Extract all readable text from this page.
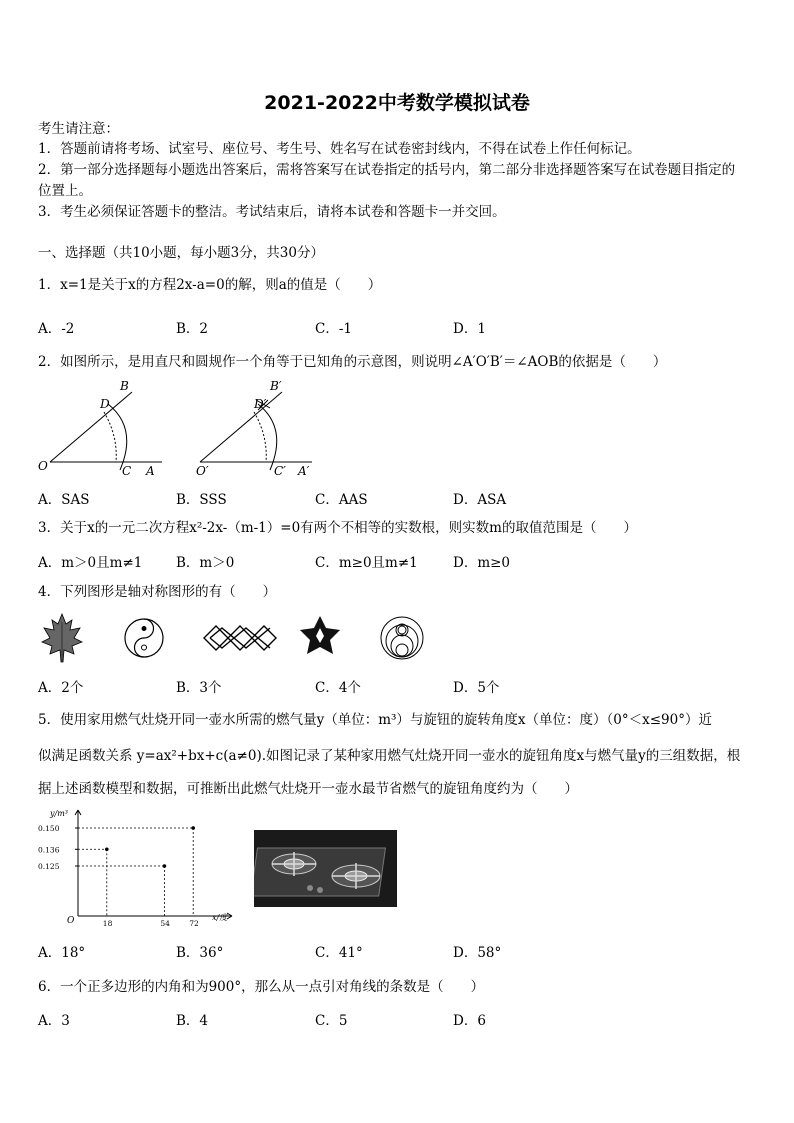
2021-2022中考数学模拟试卷
考生请注意：
1．答题前请将考场、试室号、座位号、考生号、姓名写在试卷密封线内，不得在试卷上作任何标记。
2．第一部分选择题每小题选出答案后，需将答案写在试卷指定的括号内，第二部分非选择题答案写在试卷题目指定的
位置上。
3．考生必须保证答题卡的整洁。考试结束后，请将本试卷和答题卡一并交回。
一、选择题（共10小题，每小题3分，共30分）
1．x=1是关于x的方程2x-a=0的解，则a的值是（　　）
A．-2	B．2	C．-1	D．1
2．如图所示，是用直尺和圆规作一个角等于已知角的示意图，则说明∠A′O′B′＝∠AOB的依据是（　　）
B
D
O	C A
B′
D′
O′	C′ A′
A．SAS	B．SSS	C．AAS	D．ASA
3．关于x的一元二次方程x²-2x-（m-1）=0有两个不相等的实数根，则实数m的取值范围是（　　）
A．m＞0且m≠1 B．m＞0	C．m≥0且m≠1	D．m≥0
4．下列图形是轴对称图形的有（　　）
A．2个	B．3个	C．4个	D．5个
5．使用家用燃气灶烧开同一壶水所需的燃气量y（单位：m³）与旋钮的旋转角度x（单位：度）（0°＜x≤90°）近
似满足函数关系 y=ax²+bx+c(a≠0).如图记录了某种家用燃气灶烧开同一壶水的旋钮角度x与燃气量y的三组数据，根
据上述函数模型和数据，可推断出此燃气灶烧开一壶水最节省燃气的旋钮角度约为（　　）
y/m³
x/度
O
0.150
0.136
0.125
18	54	72
A．18°	B．36°	C．41°	D．58°
6．一个正多边形的内角和为900°，那么从一点引对角线的条数是（　　）
A．3	B．4	C．5	D．6
